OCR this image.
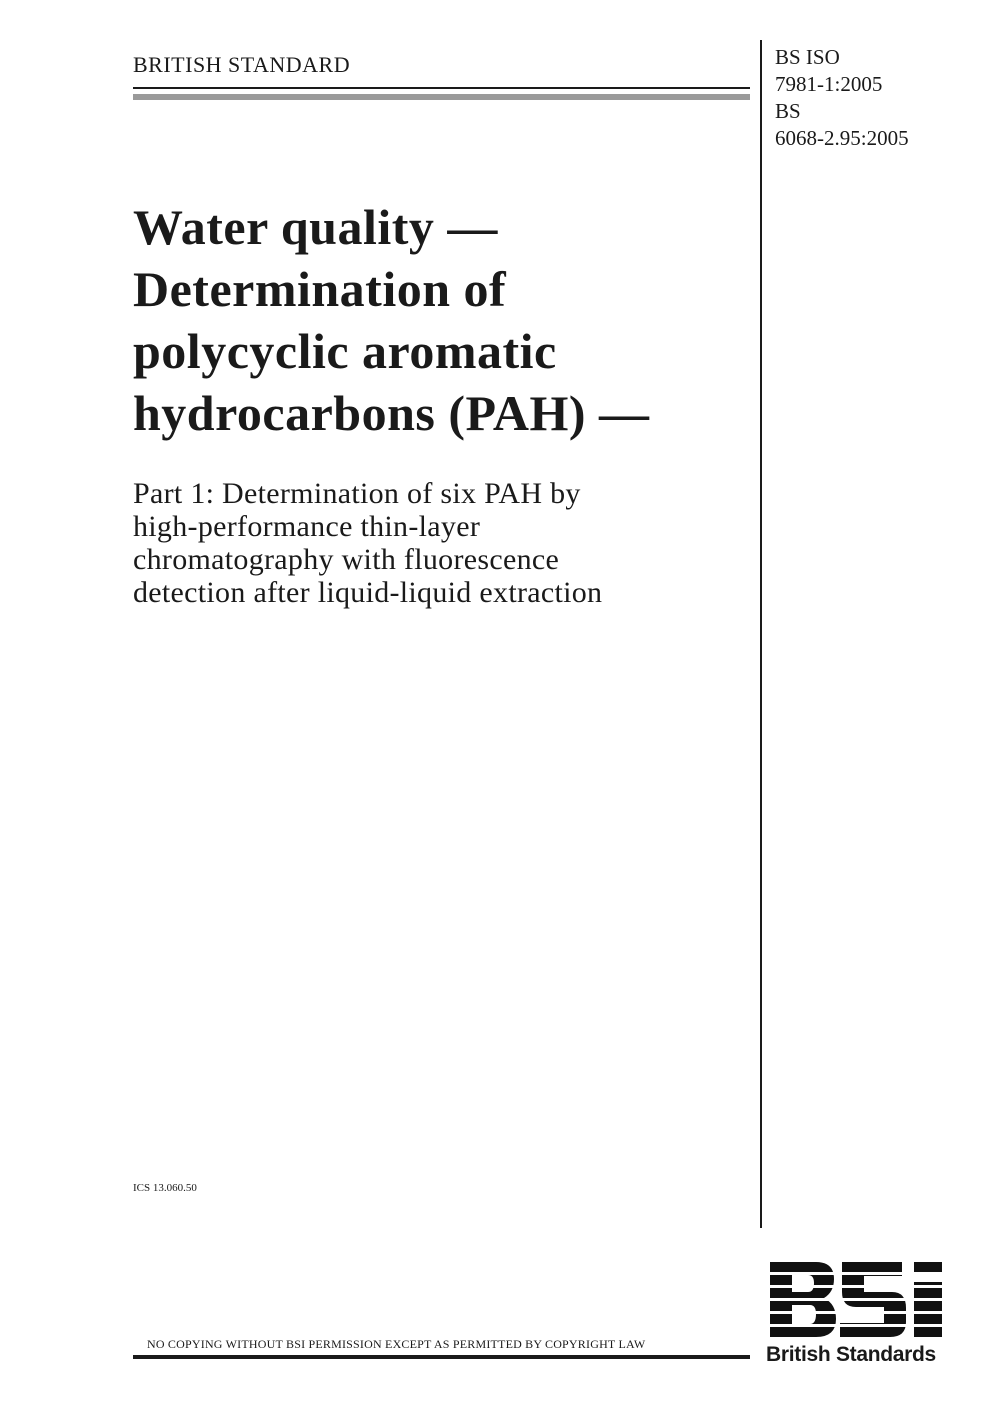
BRITISH STANDARD	BS ISO
7981-1:2005
BS
6068-2.95:2005
Water quality —
Determination of
polycyclic aromatic
hydrocarbons (PAH) —
Part 1: Determination of six PAH by
high-performance thin-layer
chromatography with fluorescence
detection after liquid-liquid extraction
ICS 13.060.50
NO COPYING WITHOUT BSI PERMISSION EXCEPT AS PERMITTED BY COPYRIGHT LAW	British Standards
